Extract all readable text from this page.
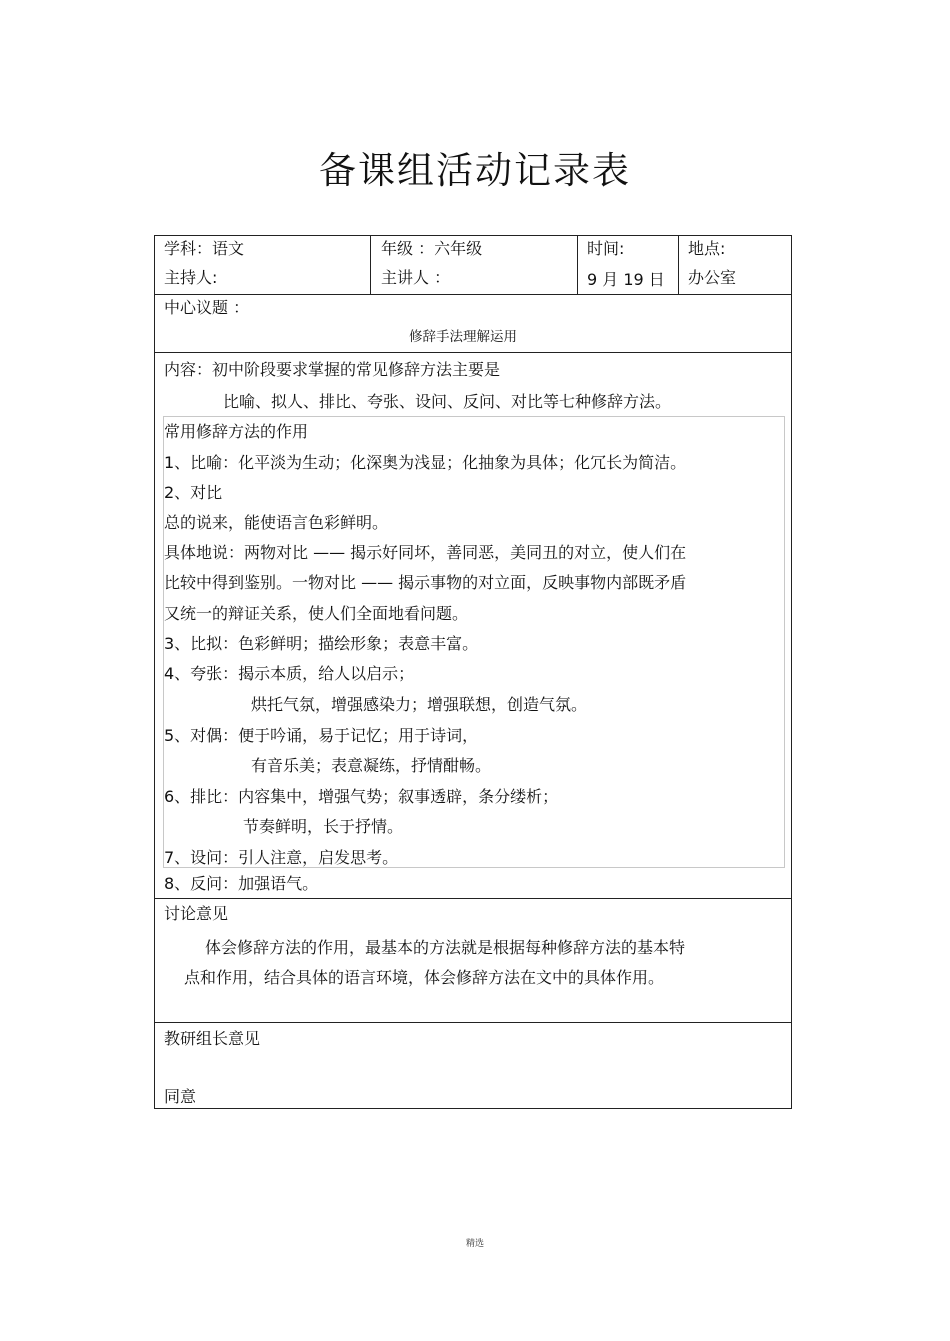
备课组活动记录表
学科：语文
主持人:
年级 ：六年级
主讲人 ：
时间:
9 月 19 日
地点:
办公室
中心议题 ：
修辞手法理解运用
内容：初中阶段要求掌握的常见修辞方法主要是
比喻、拟人、排比、夸张、设问、反问、对比等七种修辞方法。
常用修辞方法的作用
1、比喻：化平淡为生动；化深奥为浅显；化抽象为具体；化冗长为简洁。
2、对比
总的说来，能使语言色彩鲜明。
具体地说：两物对比 —— 揭示好同坏，善同恶，美同丑的对立，使人们在
比较中得到鉴别。一物对比 —— 揭示事物的对立面，反映事物内部既矛盾
又统一的辩证关系，使人们全面地看问题。
3、比拟：色彩鲜明；描绘形象；表意丰富。
4、夸张：揭示本质，给人以启示；
烘托气氛，增强感染力；增强联想，创造气氛。
5、对偶：便于吟诵，易于记忆；用于诗词，
有音乐美；表意凝练，抒情酣畅。
6、排比：内容集中，增强气势；叙事透辟，条分缕析；
节奏鲜明，长于抒情。
7、设问：引人注意，启发思考。
8、反问：加强语气。
讨论意见
体会修辞方法的作用，最基本的方法就是根据每种修辞方法的基本特
点和作用，结合具体的语言环境，体会修辞方法在文中的具体作用。
教研组长意见
同意
精选
